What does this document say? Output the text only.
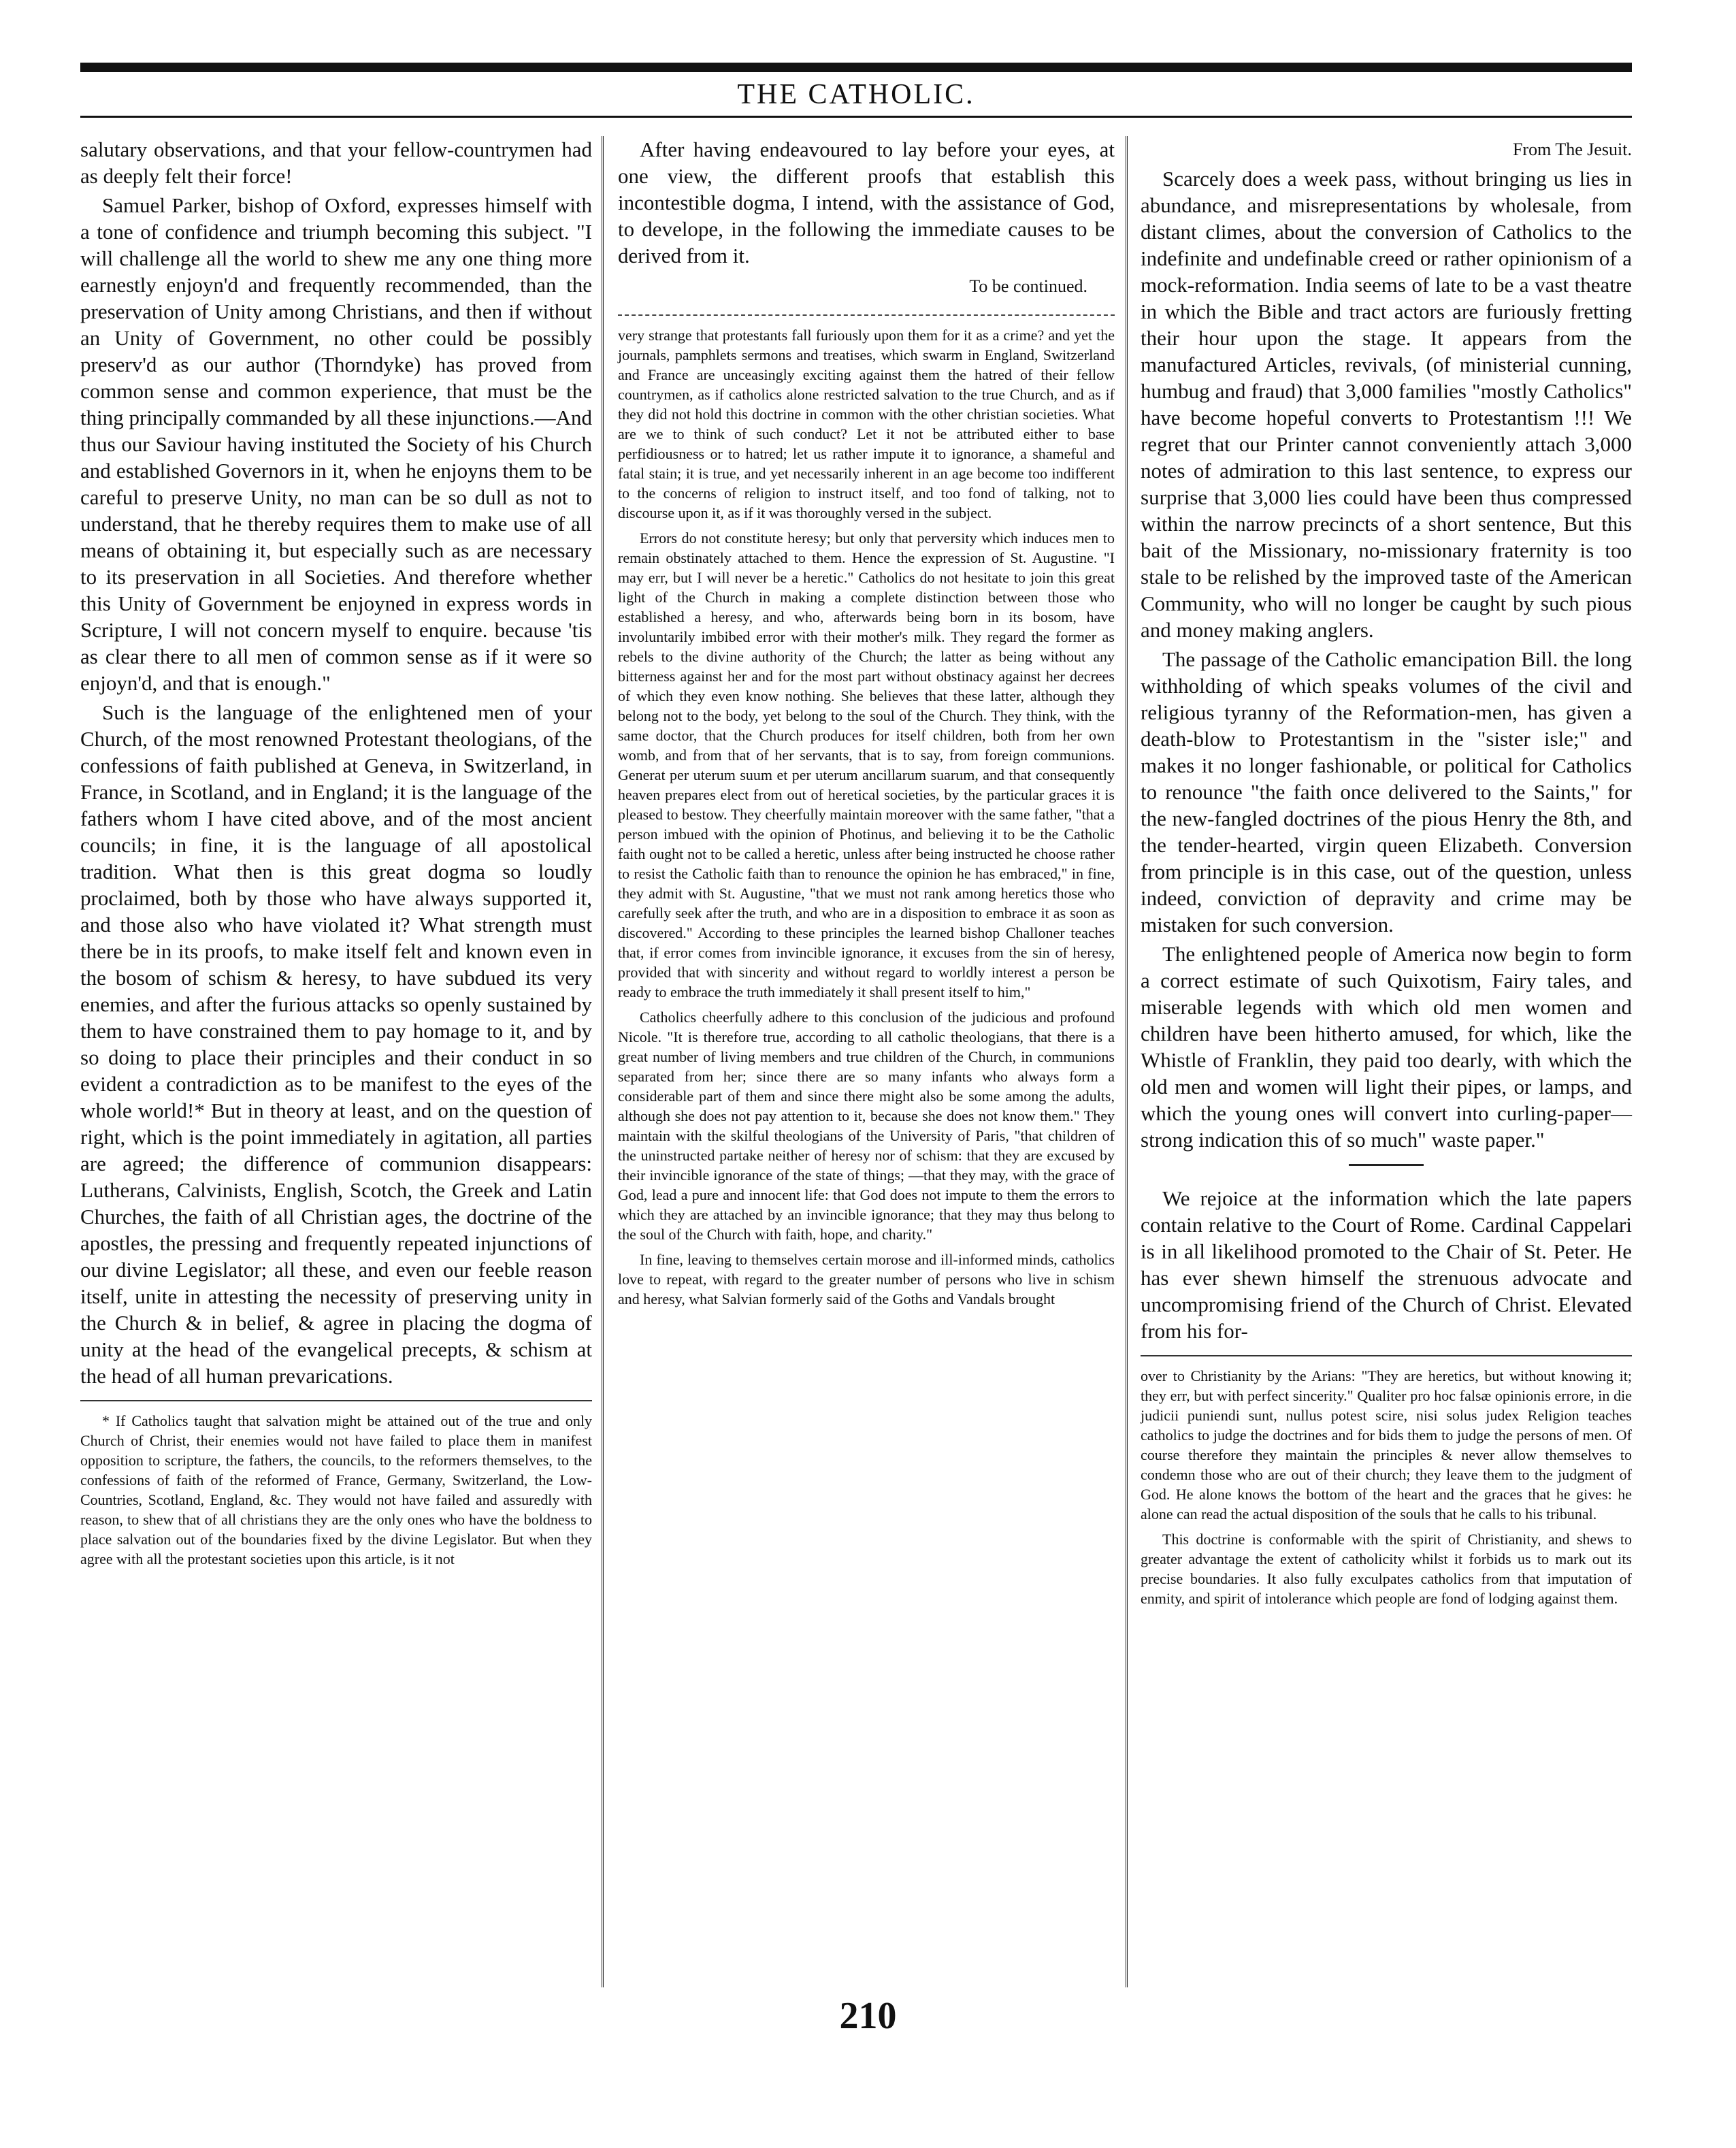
THE CATHOLIC.

salutary observations, and that your fellow-countrymen had as deeply felt their force!

Samuel Parker, bishop of Oxford, expresses himself with a tone of confidence and triumph becoming this subject. "I will challenge all the world to shew me any one thing more earnestly enjoyn'd and frequently recommended, than the preservation of Unity among Christians, and then if without an Unity of Government, no other could be possibly preserv'd as our author (Thorndyke) has proved from common sense and common experience, that must be the thing principally commanded by all these injunctions.—And thus our Saviour having instituted the Society of his Church and established Governors in it, when he enjoyns them to be careful to preserve Unity, no man can be so dull as not to understand, that he thereby requires them to make use of all means of obtaining it, but especially such as are necessary to its preservation in all Societies. And therefore whether this Unity of Government be enjoyned in express words in Scripture, I will not concern myself to enquire. because 'tis as clear there to all men of common sense as if it were so enjoyn'd, and that is enough."

Such is the language of the enlightened men of your Church, of the most renowned Protestant theologians, of the confessions of faith published at Geneva, in Switzerland, in France, in Scotland, and in England; it is the language of the fathers whom I have cited above, and of the most ancient councils; in fine, it is the language of all apostolical tradition. What then is this great dogma so loudly proclaimed, both by those who have always supported it, and those also who have violated it? What strength must there be in its proofs, to make itself felt and known even in the bosom of schism & heresy, to have subdued its very enemies, and after the furious attacks so openly sustained by them to have constrained them to pay homage to it, and by so doing to place their principles and their conduct in so evident a contradiction as to be manifest to the eyes of the whole world!* But in theory at least, and on the question of right, which is the point immediately in agitation, all parties are agreed; the difference of communion disappears: Lutherans, Calvinists, English, Scotch, the Greek and Latin Churches, the faith of all Christian ages, the doctrine of the apostles, the pressing and frequently repeated injunctions of our divine Legislator; all these, and even our feeble reason itself, unite in attesting the necessity of preserving unity in the Church & in belief, & agree in placing the dogma of unity at the head of the evangelical precepts, & schism at the head of all human prevarications.

* If Catholics taught that salvation might be attained out of the true and only Church of Christ, their enemies would not have failed to place them in manifest opposition to scripture, the fathers, the councils, to the reformers themselves, to the confessions of faith of the reformed of France, Germany, Switzerland, the Low-Countries, Scotland, England, &c. They would not have failed and assuredly with reason, to shew that of all christians they are the only ones who have the boldness to place salvation out of the boundaries fixed by the divine Legislator. But when they agree with all the protestant societies upon this article, is it not

After having endeavoured to lay before your eyes, at one view, the different proofs that establish this incontestible dogma, I intend, with the assistance of God, to develope, in the following the immediate causes to be derived from it.

To be continued.

very strange that protestants fall furiously upon them for it as a crime? and yet the journals, pamphlets sermons and treatises, which swarm in England, Switzerland and France are unceasingly exciting against them the hatred of their fellow countrymen, as if catholics alone restricted salvation to the true Church, and as if they did not hold this doctrine in common with the other christian societies. What are we to think of such conduct? Let it not be attributed either to base perfidiousness or to hatred; let us rather impute it to ignorance, a shameful and fatal stain; it is true, and yet necessarily inherent in an age become too indifferent to the concerns of religion to instruct itself, and too fond of talking, not to discourse upon it, as if it was thoroughly versed in the subject.

Errors do not constitute heresy; but only that perversity which induces men to remain obstinately attached to them. Hence the expression of St. Augustine. "I may err, but I will never be a heretic." Catholics do not hesitate to join this great light of the Church in making a complete distinction between those who established a heresy, and who, afterwards being born in its bosom, have involuntarily imbibed error with their mother's milk. They regard the former as rebels to the divine authority of the Church; the latter as being without any bitterness against her and for the most part without obstinacy against her decrees of which they even know nothing. She believes that these latter, although they belong not to the body, yet belong to the soul of the Church. They think, with the same doctor, that the Church produces for itself children, both from her own womb, and from that of her servants, that is to say, from foreign communions. Generat per uterum suum et per uterum ancillarum suarum, and that consequently heaven prepares elect from out of heretical societies, by the particular graces it is pleased to bestow. They cheerfully maintain moreover with the same father, "that a person imbued with the opinion of Photinus, and believing it to be the Catholic faith ought not to be called a heretic, unless after being instructed he choose rather to resist the Catholic faith than to renounce the opinion he has embraced," in fine, they admit with St. Augustine, "that we must not rank among heretics those who carefully seek after the truth, and who are in a disposition to embrace it as soon as discovered." According to these principles the learned bishop Challoner teaches that, if error comes from invincible ignorance, it excuses from the sin of heresy, provided that with sincerity and without regard to worldly interest a person be ready to embrace the truth immediately it shall present itself to him,"

Catholics cheerfully adhere to this conclusion of the judicious and profound Nicole. "It is therefore true, according to all catholic theologians, that there is a great number of living members and true children of the Church, in communions separated from her; since there are so many infants who always form a considerable part of them and since there might also be some among the adults, although she does not pay attention to it, because she does not know them." They maintain with the skilful theologians of the University of Paris, "that children of the uninstructed partake neither of heresy nor of schism: that they are excused by their invincible ignorance of the state of things; —that they may, with the grace of God, lead a pure and innocent life: that God does not impute to them the errors to which they are attached by an invincible ignorance; that they may thus belong to the soul of the Church with faith, hope, and charity."

In fine, leaving to themselves certain morose and ill-informed minds, catholics love to repeat, with regard to the greater number of persons who live in schism and heresy, what Salvian formerly said of the Goths and Vandals brought

From The Jesuit.

Scarcely does a week pass, without bringing us lies in abundance, and misrepresentations by wholesale, from distant climes, about the conversion of Catholics to the indefinite and undefinable creed or rather opinionism of a mock-reformation. India seems of late to be a vast theatre in which the Bible and tract actors are furiously fretting their hour upon the stage. It appears from the manufactured Articles, revivals, (of ministerial cunning, humbug and fraud) that 3,000 families "mostly Catholics" have become hopeful converts to Protestantism !!! We regret that our Printer cannot conveniently attach 3,000 notes of admiration to this last sentence, to express our surprise that 3,000 lies could have been thus compressed within the narrow precincts of a short sentence, But this bait of the Missionary, no-missionary fraternity is too stale to be relished by the improved taste of the American Community, who will no longer be caught by such pious and money making anglers.

The passage of the Catholic emancipation Bill. the long withholding of which speaks volumes of the civil and religious tyranny of the Reformation-men, has given a death-blow to Protestantism in the "sister isle;" and makes it no longer fashionable, or political for Catholics to renounce "the faith once delivered to the Saints," for the new-fangled doctrines of the pious Henry the 8th, and the tender-hearted, virgin queen Elizabeth. Conversion from principle is in this case, out of the question, unless indeed, conviction of depravity and crime may be mistaken for such conversion.

The enlightened people of America now begin to form a correct estimate of such Quixotism, Fairy tales, and miserable legends with which old men women and children have been hitherto amused, for which, like the Whistle of Franklin, they paid too dearly, with which the old men and women will light their pipes, or lamps, and which the young ones will convert into curling-paper—strong indication this of so much" waste paper."

We rejoice at the information which the late papers contain relative to the Court of Rome. Cardinal Cappelari is in all likelihood promoted to the Chair of St. Peter. He has ever shewn himself the strenuous advocate and uncompromising friend of the Church of Christ. Elevated from his for-

over to Christianity by the Arians: "They are heretics, but without knowing it; they err, but with perfect sincerity." Qualiter pro hoc falsæ opinionis errore, in die judicii puniendi sunt, nullus potest scire, nisi solus judex Religion teaches catholics to judge the doctrines and for bids them to judge the persons of men. Of course therefore they maintain the principles & never allow themselves to condemn those who are out of their church; they leave them to the judgment of God. He alone knows the bottom of the heart and the graces that he gives: he alone can read the actual disposition of the souls that he calls to his tribunal.

This doctrine is conformable with the spirit of Christianity, and shews to greater advantage the extent of catholicity whilst it forbids us to mark out its precise boundaries. It also fully exculpates catholics from that imputation of enmity, and spirit of intolerance which people are fond of lodging against them.

210
